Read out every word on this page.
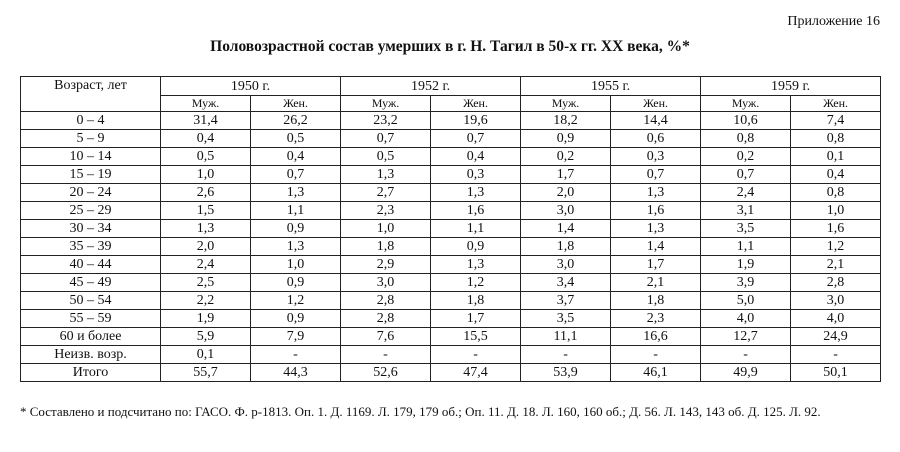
Приложение 16
Половозрастной состав умерших в г. Н. Тагил в 50-х гг. XX века, %*
Возраст, лет	1950 г.		1952 г.		1955 г.		1959 г.	
	Муж.	Жен.	Муж.	Жен.	Муж.	Жен.	Муж.	Жен.
0 – 4	31,4	26,2	23,2	19,6	18,2	14,4	10,6	7,4
5 – 9	0,4	0,5	0,7	0,7	0,9	0,6	0,8	0,8
10 – 14	0,5	0,4	0,5	0,4	0,2	0,3	0,2	0,1
15 – 19	1,0	0,7	1,3	0,3	1,7	0,7	0,7	0,4
20 – 24	2,6	1,3	2,7	1,3	2,0	1,3	2,4	0,8
25 – 29	1,5	1,1	2,3	1,6	3,0	1,6	3,1	1,0
30 – 34	1,3	0,9	1,0	1,1	1,4	1,3	3,5	1,6
35 – 39	2,0	1,3	1,8	0,9	1,8	1,4	1,1	1,2
40 – 44	2,4	1,0	2,9	1,3	3,0	1,7	1,9	2,1
45 – 49	2,5	0,9	3,0	1,2	3,4	2,1	3,9	2,8
50 – 54	2,2	1,2	2,8	1,8	3,7	1,8	5,0	3,0
55 – 59	1,9	0,9	2,8	1,7	3,5	2,3	4,0	4,0
60 и более	5,9	7,9	7,6	15,5	11,1	16,6	12,7	24,9
Неизв. возр.	0,1	-	-	-	-	-	-	-
Итого	55,7	44,3	52,6	47,4	53,9	46,1	49,9	50,1
* Составлено и подсчитано по: ГАСО. Ф. р-1813. Оп. 1. Д. 1169. Л. 179, 179 об.; Оп. 11. Д. 18. Л. 160, 160 об.; Д. 56. Л. 143, 143 об. Д. 125. Л. 92.
